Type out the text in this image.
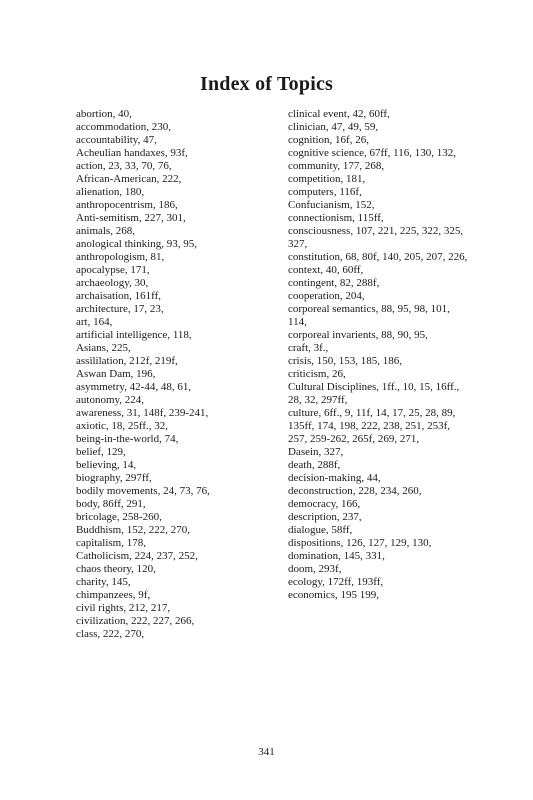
Index of Topics
abortion, 40,
accommodation, 230,
accountability, 47,
Acheulian handaxes, 93f,
action, 23, 33, 70, 76,
African-American, 222,
alienation, 180,
anthropocentrism, 186,
Anti-semitism, 227, 301,
animals, 268,
anological thinking, 93, 95,
anthropologism, 81,
apocalypse, 171,
archaeology, 30,
archaisation, 161ff,
architecture, 17, 23,
art, 164,
artificial intelligence, 118,
Asians, 225,
assililation, 212f, 219f,
Aswan Dam, 196,
asymmetry, 42-44, 48, 61,
autonomy, 224,
awareness, 31, 148f, 239-241,
axiotic, 18, 25ff., 32,
being-in-the-world, 74,
belief, 129,
believing, 14,
biography, 297ff,
bodily movements, 24, 73, 76,
body, 86ff, 291,
bricolage, 258-260,
Buddhism, 152, 222, 270,
capitalism, 178,
Catholicism, 224, 237, 252,
chaos theory, 120,
charity, 145,
chimpanzees, 9f,
civil rights, 212, 217,
civilization, 222, 227, 266,
class, 222, 270,
clinical event, 42, 60ff,
clinician, 47, 49, 59,
cognition, 16f, 26,
cognitive science, 67ff, 116, 130, 132,
community, 177, 268,
competition, 181,
computers, 116f,
Confucianism, 152,
connectionism, 115ff,
consciousness, 107, 221, 225, 322, 325, 327,
constitution, 68, 80f, 140, 205, 207, 226,
context, 40, 60ff,
contingent, 82, 288f,
cooperation, 204,
corporeal semantics, 88, 95, 98, 101, 114,
corporeal invarients, 88, 90, 95,
craft, 3f.,
crisis, 150, 153, 185, 186,
criticism, 26,
Cultural Disciplines, 1ff., 10, 15, 16ff., 28, 32, 297ff,
culture, 6ff., 9, 11f, 14, 17, 25, 28, 89, 135ff, 174, 198, 222, 238, 251, 253f, 257, 259-262, 265f, 269, 271,
Dasein, 327,
death, 288f,
decision-making, 44,
deconstruction, 228, 234, 260,
democracy, 166,
description, 237,
dialogue, 58ff,
dispositions, 126, 127, 129, 130,
domination, 145, 331,
doom, 293f,
ecology, 172ff, 193ff,
economics, 195 199,
341
